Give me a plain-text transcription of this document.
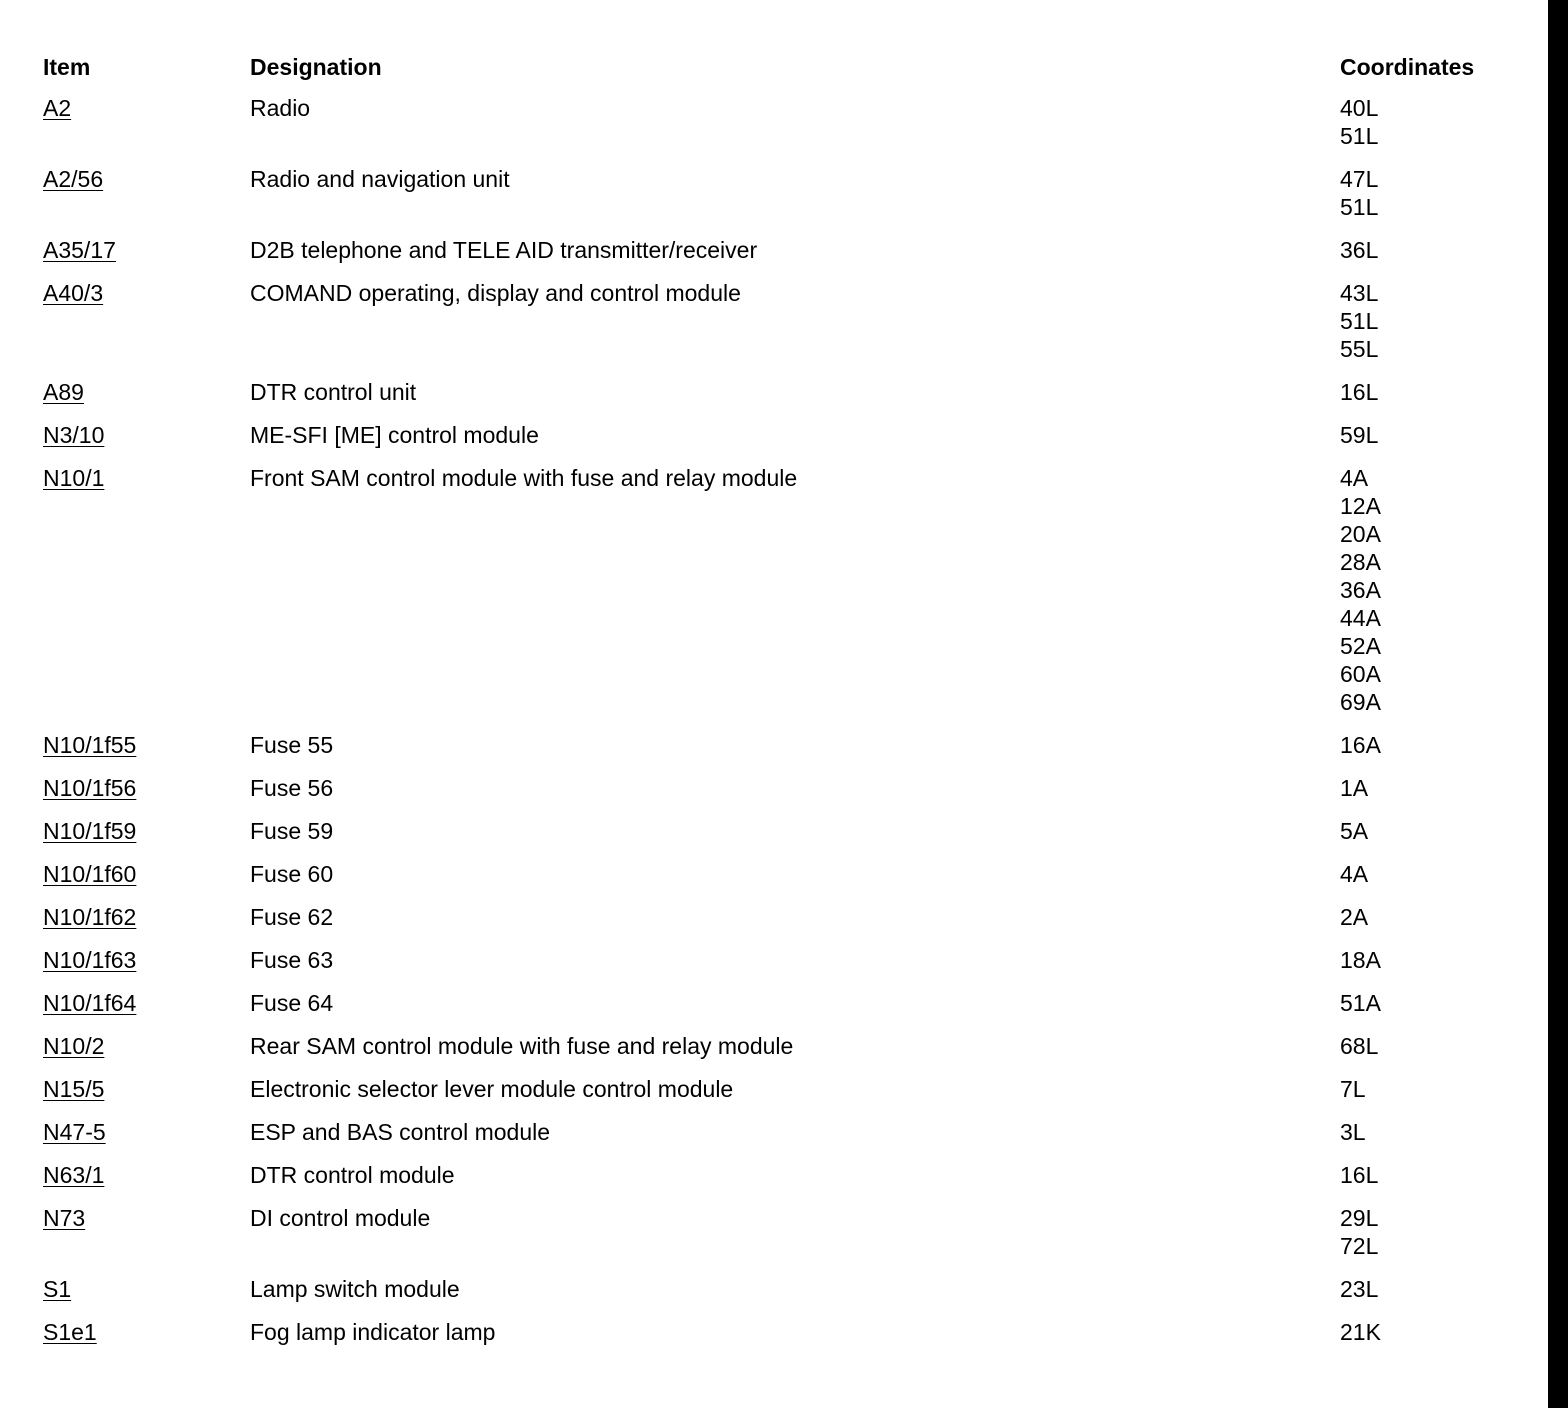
Item	Designation	Coordinates
A2	Radio	40L
51L
A2/56	Radio and navigation unit	47L
51L
A35/17	D2B telephone and TELE AID transmitter/receiver	36L
A40/3	COMAND operating, display and control module	43L
51L
55L
A89	DTR control unit	16L
N3/10	ME-SFI [ME] control module	59L
N10/1	Front SAM control module with fuse and relay module	4A
12A
20A
28A
36A
44A
52A
60A
69A
N10/1f55	Fuse 55	16A
N10/1f56	Fuse 56	1A
N10/1f59	Fuse 59	5A
N10/1f60	Fuse 60	4A
N10/1f62	Fuse 62	2A
N10/1f63	Fuse 63	18A
N10/1f64	Fuse 64	51A
N10/2	Rear SAM control module with fuse and relay module	68L
N15/5	Electronic selector lever module control module	7L
N47-5	ESP and BAS control module	3L
N63/1	DTR control module	16L
N73	DI control module	29L
72L
S1	Lamp switch module	23L
S1e1	Fog lamp indicator lamp	21K
